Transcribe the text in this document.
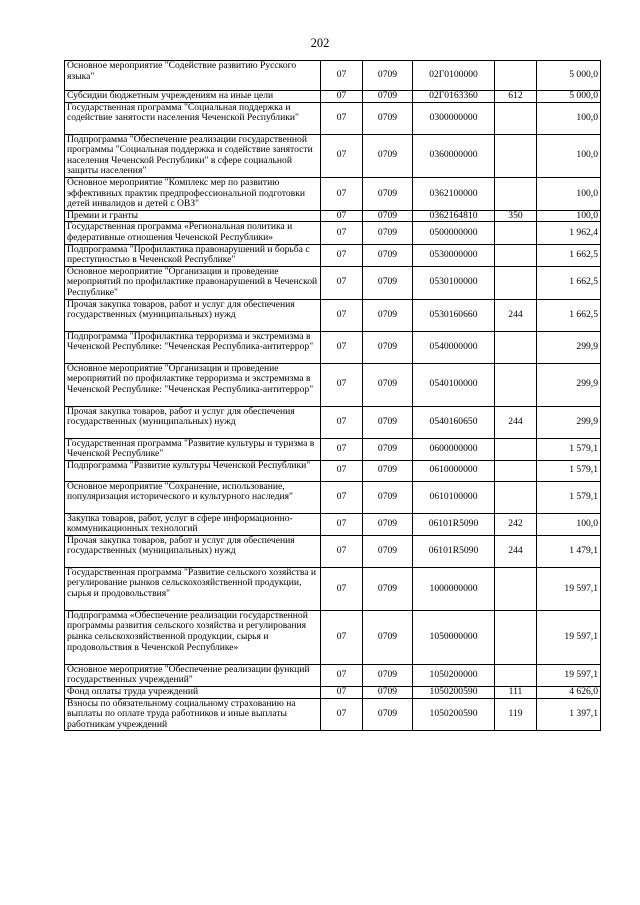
202
Основное мероприятие "Содействие развитию Русского языка"	07	0709	02Г0100000		5 000,0
Субсидии бюджетным учреждениям на иные цели	07	0709	02Г0163360	612	5 000,0
Государственная программа "Социальная поддержка и содействие занятости населения Чеченской Республики"	07	0709	0300000000		100,0
Подпрограмма "Обеспечение реализации государственной программы "Социальная поддержка и содействие занятости населения Чеченской Республики" в сфере социальной защиты населения"	07	0709	0360000000		100,0
Основное мероприятие "Комплекс мер по развитию эффективных практик предпрофессиональной подготовки детей инвалидов и детей с ОВЗ"	07	0709	0362100000		100,0
Премии и гранты	07	0709	0362164810	350	100,0
Государственная программа «Региональная политика и федеративные отношения Чеченской Республики»	07	0709	0500000000		1 962,4
Подпрограмма "Профилактика правонарушений и борьба с преступностью в Чеченской Республике"	07	0709	0530000000		1 662,5
Основное мероприятие "Организация и проведение мероприятий по профилактике правонарушений в Чеченской Республике"	07	0709	0530100000		1 662,5
Прочая закупка товаров, работ и услуг для обеспечения государственных (муниципальных) нужд	07	0709	0530160660	244	1 662,5
Подпрограмма "Профилактика терроризма и экстремизма в Чеченской Республике: "Чеченская Республика-антитеррор"	07	0709	0540000000		299,9
Основное мероприятие "Организация и проведение мероприятий по профилактике терроризма и экстремизма в Чеченской Республике: "Чеченская Республика-антитеррор"	07	0709	0540100000		299,9
Прочая закупка товаров, работ и услуг для обеспечения государственных (муниципальных) нужд	07	0709	0540160650	244	299,9
Государственная программа "Развитие культуры и туризма в Чеченской Республике"	07	0709	0600000000		1 579,1
Подпрограмма "Развитие культуры Чеченской Республики"	07	0709	0610000000		1 579,1
Основное мероприятие "Сохранение, использование, популяризация исторического и культурного наследия"	07	0709	0610100000		1 579,1
Закупка товаров, работ, услуг в сфере информационно-коммуникационных технологий	07	0709	06101R5090	242	100,0
Прочая закупка товаров, работ и услуг для обеспечения государственных (муниципальных) нужд	07	0709	06101R5090	244	1 479,1
Государственная программа "Развитие сельского хозяйства и регулирование рынков сельскохозяйственной продукции, сырья и продовольствия"	07	0709	1000000000		19 597,1
Подпрограмма «Обеспечение реализации государственной программы развития сельского хозяйства и регулирования рынка сельскохозяйственной продукции, сырья и продовольствия в Чеченской Республике»	07	0709	1050000000		19 597,1
Основное мероприятие "Обеспечение реализации функций государственных учреждений"	07	0709	1050200000		19 597,1
Фонд оплаты труда учреждений	07	0709	1050200590	111	4 626,0
Взносы по обязательному социальному страхованию на выплаты по оплате труда работников и иные выплаты работникам учреждений	07	0709	1050200590	119	1 397,1
